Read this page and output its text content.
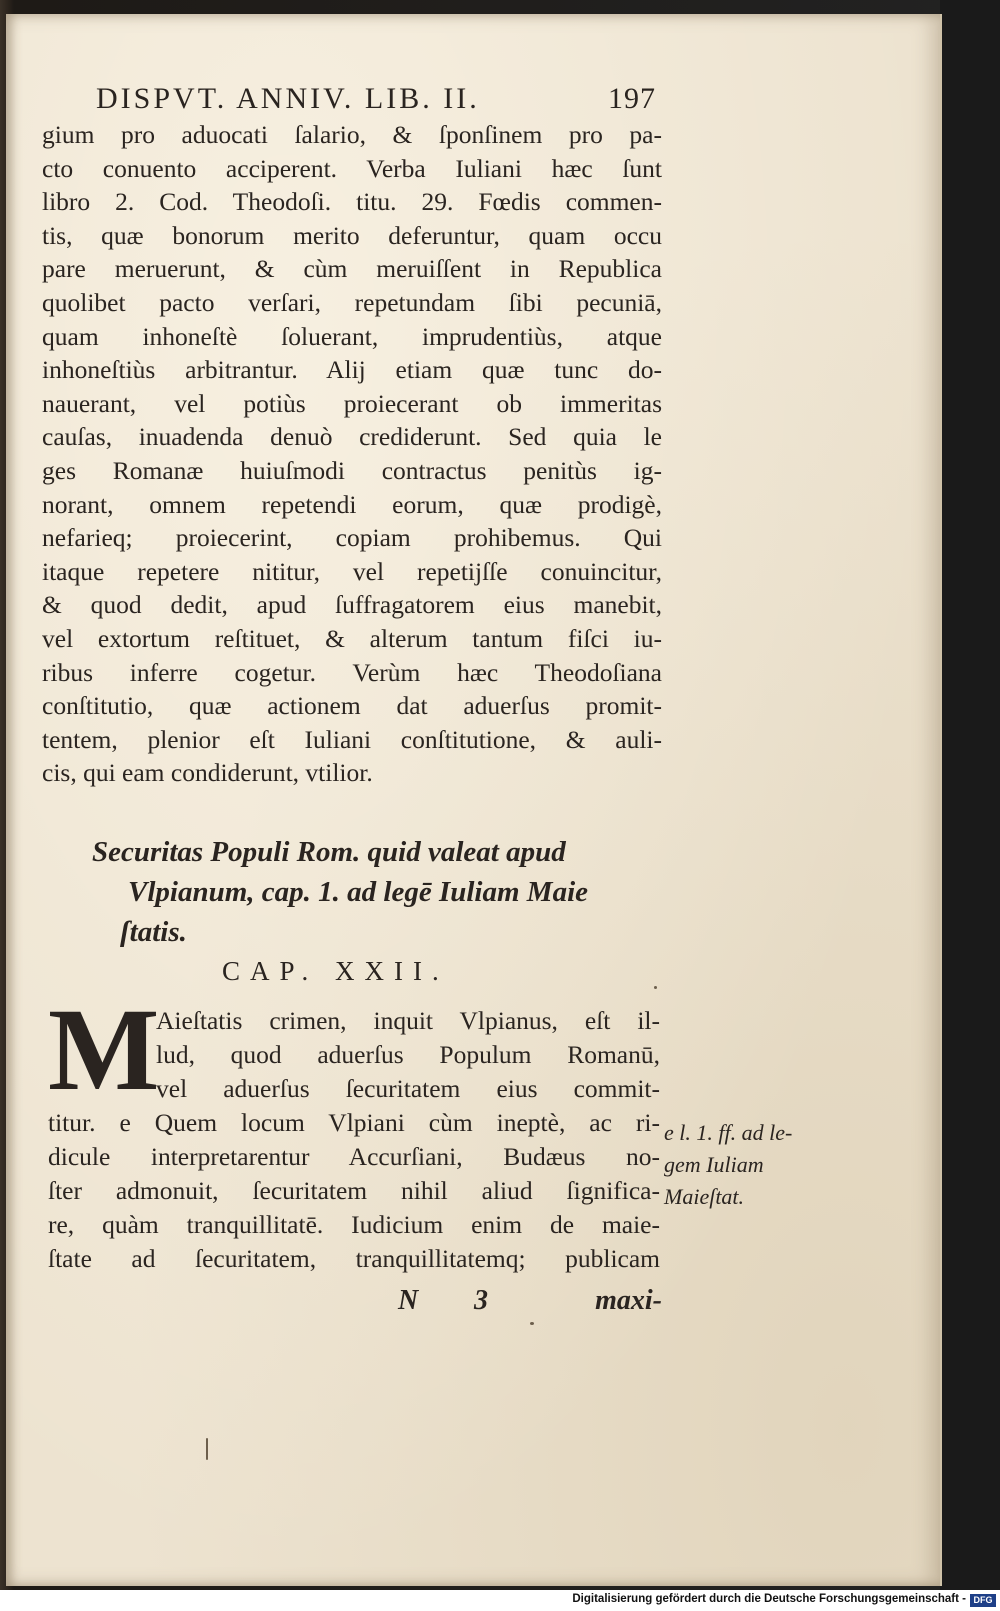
DISPVT. ANNIV. LIB. II.	197
gium pro aduocati ſalario, & ſponſinem pro pa-
cto conuento acciperent. Verba Iuliani hæc ſunt
libro 2. Cod. Theodoſi. titu. 29. Fœdis commen-
tis, quæ bonorum merito deferuntur, quam occu
pare meruerunt, & cùm meruiſſent in Republica
quolibet pacto verſari, repetundam ſibi pecuniā,
quam inhoneſtè ſoluerant, imprudentiùs, atque
inhoneſtiùs arbitrantur. Alij etiam quæ tunc do-
nauerant, vel potiùs proiecerant ob immeritas
cauſas, inuadenda denuò crediderunt. Sed quia le
ges Romanæ huiuſmodi contractus penitùs ig-
norant, omnem repetendi eorum, quæ prodigè,
nefarieq; proiecerint, copiam prohibemus. Qui
itaque repetere nititur, vel repetijſſe conuincitur,
& quod dedit, apud ſuffragatorem eius manebit,
vel extortum reſtituet, & alterum tantum fiſci iu-
ribus inferre cogetur. Verùm hæc Theodoſiana
conſtitutio, quæ actionem dat aduerſus promit-
tentem, plenior eſt Iuliani conſtitutione, & auli-
cis, qui eam condiderunt, vtilior.
Securitas Populi Rom. quid valeat apud
Vlpianum, cap. 1. ad legē Iuliam Maie
ſtatis.
CAP. XXII.
M
Aieſtatis crimen, inquit Vlpianus, eſt il-
lud, quod aduerſus Populum Romanū,
vel aduerſus ſecuritatem eius commit-
titur. e Quem locum Vlpiani cùm ineptè, ac ri-
dicule interpretarentur Accurſiani, Budæus no-
ſter admonuit, ſecuritatem nihil aliud ſignifica-
re, quàm tranquillitatē. Iudicium enim de maie-
ſtate ad ſecuritatem, tranquillitatemq; publicam
e l. 1. ff. ad le-
gem Iuliam
Maieſtat.
N 3	maxi-
Digitalisierung gefördert durch die Deutsche Forschungsgemeinschaft - DFG
